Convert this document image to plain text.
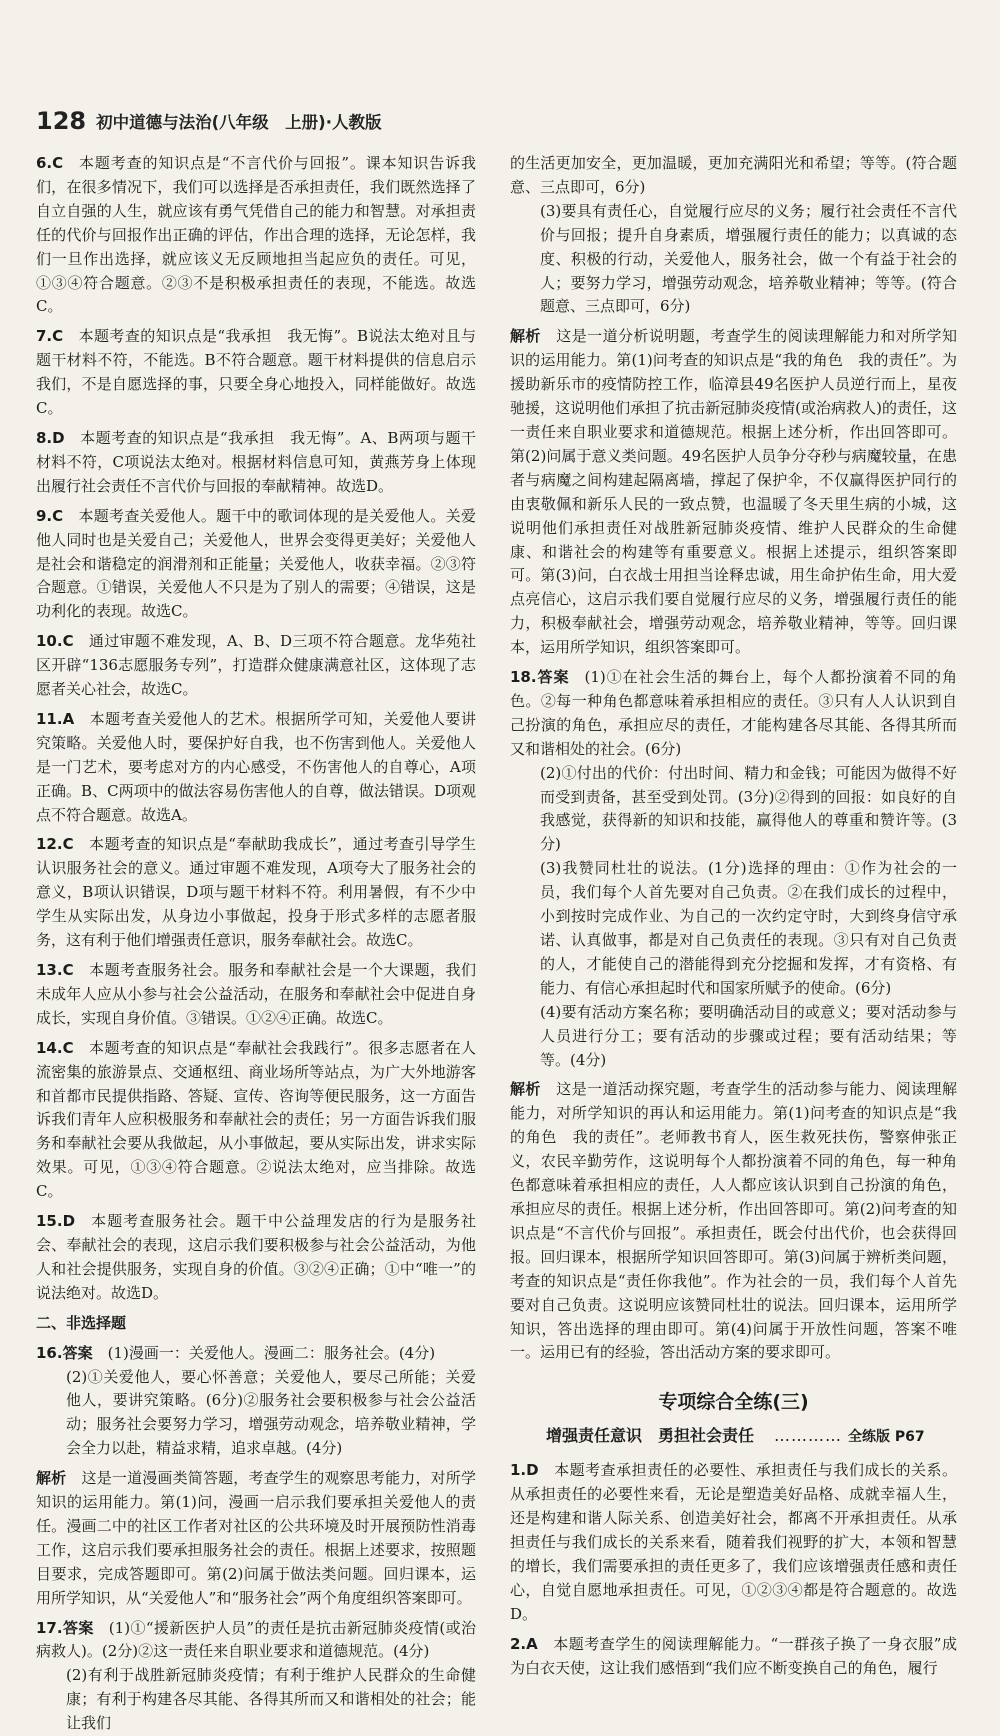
128 初中道德与法治(八年级　上册)·人教版
6.C  本题考查的知识点是“不言代价与回报”。课本知识告诉我们，在很多情况下，我们可以选择是否承担责任，我们既然选择了自立自强的人生，就应该有勇气凭借自己的能力和智慧。对承担责任的代价与回报作出正确的评估，作出合理的选择，无论怎样，我们一旦作出选择，就应该义无反顾地担当起应负的责任。可见，①③④符合题意。②③不是积极承担责任的表现，不能选。故选C。
7.C  本题考查的知识点是“我承担　我无悔”。B说法太绝对且与题干材料不符，不能选。B不符合题意。题干材料提供的信息启示我们，不是自愿选择的事，只要全身心地投入，同样能做好。故选C。
8.D  本题考查的知识点是“我承担　我无悔”。A、B两项与题干材料不符，C项说法太绝对。根据材料信息可知，黄燕芳身上体现出履行社会责任不言代价与回报的奉献精神。故选D。
9.C  本题考查关爱他人。题干中的歌词体现的是关爱他人。关爱他人同时也是关爱自己；关爱他人，世界会变得更美好；关爱他人是社会和谐稳定的润滑剂和正能量；关爱他人，收获幸福。②③符合题意。①错误，关爱他人不只是为了别人的需要；④错误，这是功利化的表现。故选C。
10.C  通过审题不难发现，A、B、D三项不符合题意。龙华苑社区开辟“136志愿服务专列”，打造群众健康满意社区，这体现了志愿者关心社会，故选C。
11.A  本题考查关爱他人的艺术。根据所学可知，关爱他人要讲究策略。关爱他人时，要保护好自我，也不伤害到他人。关爱他人是一门艺术，要考虑对方的内心感受，不伤害他人的自尊心，A项正确。B、C两项中的做法容易伤害他人的自尊，做法错误。D项观点不符合题意。故选A。
12.C  本题考查的知识点是“奉献助我成长”，通过考查引导学生认识服务社会的意义。通过审题不难发现，A项夸大了服务社会的意义，B项认识错误，D项与题干材料不符。利用暑假，有不少中学生从实际出发，从身边小事做起，投身于形式多样的志愿者服务，这有利于他们增强责任意识，服务奉献社会。故选C。
13.C  本题考查服务社会。服务和奉献社会是一个大课题，我们未成年人应从小参与社会公益活动，在服务和奉献社会中促进自身成长，实现自身价值。③错误。①②④正确。故选C。
14.C  本题考查的知识点是“奉献社会我践行”。很多志愿者在人流密集的旅游景点、交通枢纽、商业场所等站点，为广大外地游客和首都市民提供指路、答疑、宣传、咨询等便民服务，这一方面告诉我们青年人应积极服务和奉献社会的责任；另一方面告诉我们服务和奉献社会要从我做起，从小事做起，要从实际出发，讲求实际效果。可见，①③④符合题意。②说法太绝对，应当排除。故选C。
15.D  本题考查服务社会。题干中公益理发店的行为是服务社会、奉献社会的表现，这启示我们要积极参与社会公益活动，为他人和社会提供服务，实现自身的价值。③②④正确；①中“唯一”的说法绝对。故选D。
二、非选择题
16.答案  (1)漫画一：关爱他人。漫画二：服务社会。(4分)
(2)①关爱他人，要心怀善意；关爱他人，要尽己所能；关爱他人，要讲究策略。(6分)②服务社会要积极参与社会公益活动；服务社会要努力学习，增强劳动观念，培养敬业精神，学会全力以赴，精益求精，追求卓越。(4分)
解析  这是一道漫画类简答题，考查学生的观察思考能力，对所学知识的运用能力。第(1)问，漫画一启示我们要承担关爱他人的责任。漫画二中的社区工作者对社区的公共环境及时开展预防性消毒工作，这启示我们要承担服务社会的责任。根据上述要求，按照题目要求，完成答题即可。第(2)问属于做法类问题。回归课本，运用所学知识，从“关爱他人”和“服务社会”两个角度组织答案即可。
17.答案  (1)①“援新医护人员”的责任是抗击新冠肺炎疫情(或治病救人)。(2分)②这一责任来自职业要求和道德规范。(4分)
(2)有利于战胜新冠肺炎疫情；有利于维护人民群众的生命健康；有利于构建各尽其能、各得其所而又和谐相处的社会；能让我们
的生活更加安全，更加温暖，更加充满阳光和希望；等等。(符合题意、三点即可，6分)
(3)要具有责任心，自觉履行应尽的义务；履行社会责任不言代价与回报；提升自身素质，增强履行责任的能力；以真诚的态度、积极的行动，关爱他人，服务社会，做一个有益于社会的人；要努力学习，增强劳动观念，培养敬业精神；等等。(符合题意、三点即可，6分)
解析  这是一道分析说明题，考查学生的阅读理解能力和对所学知识的运用能力。第(1)问考查的知识点是“我的角色　我的责任”。为援助新乐市的疫情防控工作，临漳县49名医护人员逆行而上，星夜驰援，这说明他们承担了抗击新冠肺炎疫情(或治病救人)的责任，这一责任来自职业要求和道德规范。根据上述分析，作出回答即可。第(2)问属于意义类问题。49名医护人员争分夺秒与病魔较量，在患者与病魔之间构建起隔离墙，撑起了保护伞，不仅赢得医护同行的由衷敬佩和新乐人民的一致点赞，也温暖了冬天里生病的小城，这说明他们承担责任对战胜新冠肺炎疫情、维护人民群众的生命健康、和谐社会的构建等有重要意义。根据上述提示，组织答案即可。第(3)问，白衣战士用担当诠释忠诚，用生命护佑生命，用大爱点亮信心，这启示我们要自觉履行应尽的义务，增强履行责任的能力，积极奉献社会，增强劳动观念，培养敬业精神，等等。回归课本，运用所学知识，组织答案即可。
18.答案  (1)①在社会生活的舞台上，每个人都扮演着不同的角色。②每一种角色都意味着承担相应的责任。③只有人人认识到自己扮演的角色，承担应尽的责任，才能构建各尽其能、各得其所而又和谐相处的社会。(6分)
(2)①付出的代价：付出时间、精力和金钱；可能因为做得不好而受到责备，甚至受到处罚。(3分)②得到的回报：如良好的自我感觉，获得新的知识和技能，赢得他人的尊重和赞许等。(3分)
(3)我赞同杜壮的说法。(1分)选择的理由：①作为社会的一员，我们每个人首先要对自己负责。②在我们成长的过程中，小到按时完成作业、为自己的一次约定守时，大到终身信守承诺、认真做事，都是对自己负责任的表现。③只有对自己负责的人，才能使自己的潜能得到充分挖掘和发挥，才有资格、有能力、有信心承担起时代和国家所赋予的使命。(6分)
(4)要有活动方案名称；要明确活动目的或意义；要对活动参与人员进行分工；要有活动的步骤或过程；要有活动结果；等等。(4分)
解析  这是一道活动探究题，考查学生的活动参与能力、阅读理解能力，对所学知识的再认和运用能力。第(1)问考查的知识点是“我的角色　我的责任”。老师教书育人，医生救死扶伤，警察伸张正义，农民辛勤劳作，这说明每个人都扮演着不同的角色，每一种角色都意味着承担相应的责任，人人都应该认识到自己扮演的角色，承担应尽的责任。根据上述分析，作出回答即可。第(2)问考查的知识点是“不言代价与回报”。承担责任，既会付出代价，也会获得回报。回归课本，根据所学知识回答即可。第(3)问属于辨析类问题，考查的知识点是“责任你我他”。作为社会的一员，我们每个人首先要对自己负责。这说明应该赞同杜壮的说法。回归课本，运用所学知识，答出选择的理由即可。第(4)问属于开放性问题，答案不唯一。运用已有的经验，答出活动方案的要求即可。
专项综合全练(三)
增强责任意识　勇担社会责任 ………… 全练版 P67
1.D  本题考查承担责任的必要性、承担责任与我们成长的关系。从承担责任的必要性来看，无论是塑造美好品格、成就幸福人生，还是构建和谐人际关系、创造美好社会，都离不开承担责任。从承担责任与我们成长的关系来看，随着我们视野的扩大，本领和智慧的增长，我们需要承担的责任更多了，我们应该增强责任感和责任心，自觉自愿地承担责任。可见，①②③④都是符合题意的。故选D。
2.A  本题考查学生的阅读理解能力。“一群孩子换了一身衣服”成为白衣天使，这让我们感悟到“我们应不断变换自己的角色，履行
